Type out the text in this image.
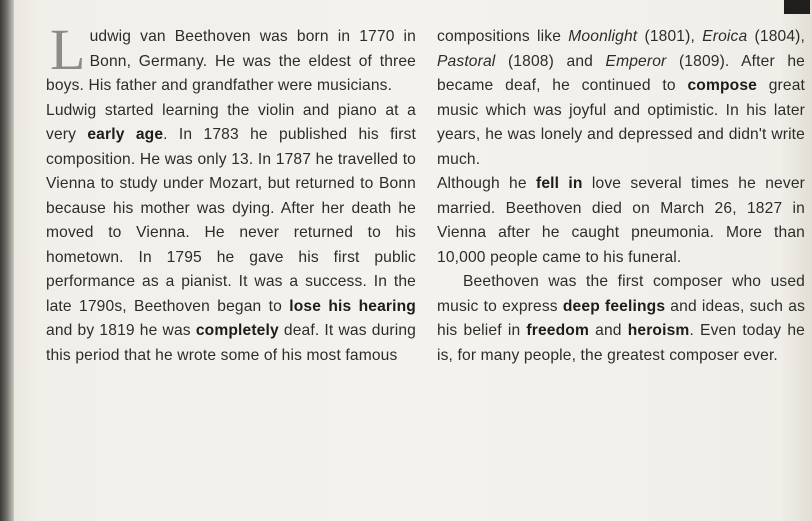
Ludwig van Beethoven was born in 1770 in Bonn, Germany. He was the eldest of three boys. His father and grandfather were musicians.

Ludwig started learning the violin and piano at a very early age. In 1783 he published his first composition. He was only 13. In 1787 he travelled to Vienna to study under Mozart, but returned to Bonn because his mother was dying. After her death he moved to Vienna. He never returned to his hometown. In 1795 he gave his first public performance as a pianist. It was a success. In the late 1790s, Beethoven began to lose his hearing and by 1819 he was completely deaf. It was during this period that he wrote some of his most famous

compositions like Moonlight (1801), Eroica (1804), Pastoral (1808) and Emperor (1809). After he became deaf, he continued to compose great music which was joyful and optimistic. In his later years, he was lonely and depressed and didn't write much.

Although he fell in love several times he never married. Beethoven died on March 26, 1827 in Vienna after he caught pneumonia. More than 10,000 people came to his funeral.

Beethoven was the first composer who used music to express deep feelings and ideas, such as his belief in freedom and heroism. Even today he is, for many people, the greatest composer ever.
